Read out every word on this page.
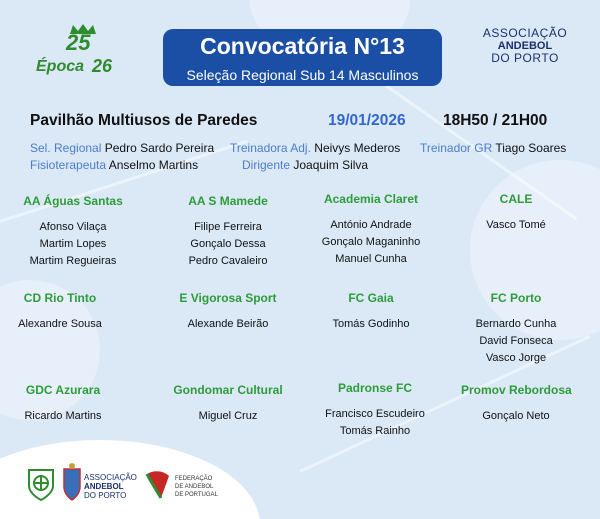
25
Época 26
Convocatória N°13
Seleção Regional Sub 14 Masculinos
ASSOCIAÇÃO
ANDEBOL
DO PORTO
Pavilhão Multiusos de Paredes	19/01/2026 18H50 / 21H00
Sel. Regional Pedro Sardo Pereira Treinadora Adj. Neivys Mederos Treinador GR Tiago Soares
Fisioterapeuta Anselmo Martins	Dirigente Joaquim Silva
AA Águas Santas
Afonso Vilaça
Martim Lopes
Martim Regueiras
AA S Mamede
Filipe Ferreira
Gonçalo Dessa
Pedro Cavaleiro
Academia Claret
António Andrade
Gonçalo Maganinho
Manuel Cunha
CALE
Vasco Tomé
CD Rio Tinto
Alexandre Sousa
E Vigorosa Sport
Alexande Beirão
FC Gaia
Tomás Godinho
FC Porto
Bernardo Cunha
David Fonseca
Vasco Jorge
GDC Azurara
Ricardo Martins
Gondomar Cultural
Miguel Cruz
Padronse FC
Francisco Escudeiro
Tomás Rainho
Promov Rebordosa
Gonçalo Neto
ASSOCIAÇÃO
ANDEBOL
DO PORTO
FEDERAÇÃO
DE ANDEBOL
DE PORTUGAL
